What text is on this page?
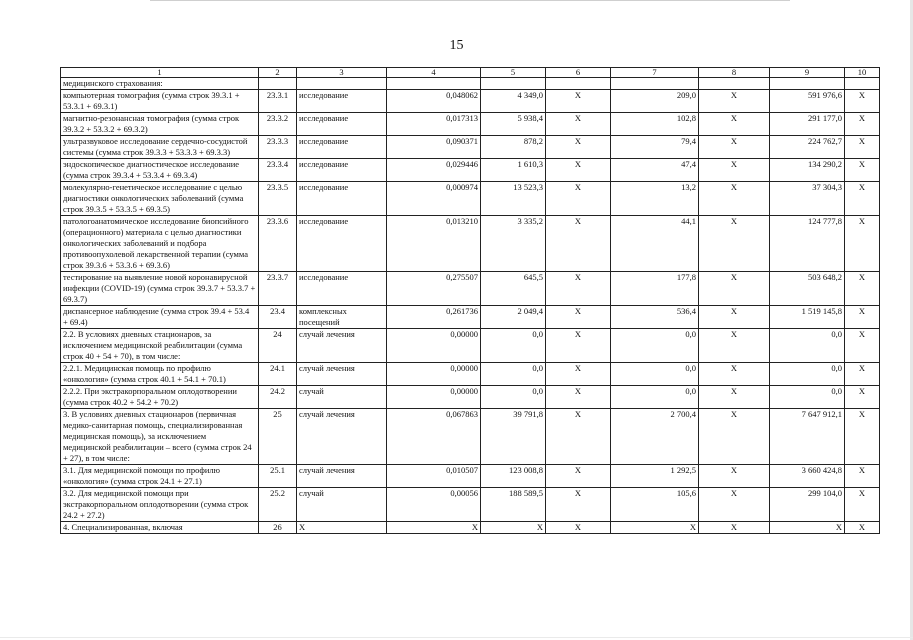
15
1	2	3	4	5	6	7	8	9	10
медицинского страхования:									
компьютерная томография (сумма строк 39.3.1 + 53.3.1 + 69.3.1)	23.3.1	исследование	0,048062	4 349,0	X	209,0	X	591 976,6	X
магнитно-резонансная томография (сумма строк 39.3.2 + 53.3.2 + 69.3.2)	23.3.2	исследование	0,017313	5 938,4	X	102,8	X	291 177,0	X
ультразвуковое исследование сердечно-сосудистой системы (сумма строк 39.3.3 + 53.3.3 + 69.3.3)	23.3.3	исследование	0,090371	878,2	X	79,4	X	224 762,7	X
эндоскопическое диагностическое исследование (сумма строк 39.3.4 + 53.3.4 + 69.3.4)	23.3.4	исследование	0,029446	1 610,3	X	47,4	X	134 290,2	X
молекулярно-генетическое исследование с целью диагностики онкологических заболеваний (сумма строк 39.3.5 + 53.3.5 + 69.3.5)	23.3.5	исследование	0,000974	13 523,3	X	13,2	X	37 304,3	X
патологоанатомическое исследование биопсийного (операционного) материала с целью диагностики онкологических заболеваний и подбора противоопухолевой лекарственной терапии (сумма строк 39.3.6 + 53.3.6 + 69.3.6)	23.3.6	исследование	0,013210	3 335,2	X	44,1	X	124 777,8	X
тестирование на выявление новой коронавирусной инфекции (COVID-19) (сумма строк 39.3.7 + 53.3.7 + 69.3.7)	23.3.7	исследование	0,275507	645,5	X	177,8	X	503 648,2	X
диспансерное наблюдение (сумма строк 39.4 + 53.4 + 69.4)	23.4	комплексных посещений	0,261736	2 049,4	X	536,4	X	1 519 145,8	X
2.2. В условиях дневных стационаров, за исключением медицинской реабилитации (сумма строк 40 + 54 + 70), в том числе:	24	случай лечения	0,00000	0,0	X	0,0	X	0,0	X
2.2.1. Медицинская помощь по профилю «онкология» (сумма строк 40.1 + 54.1 + 70.1)	24.1	случай лечения	0,00000	0,0	X	0,0	X	0,0	X
2.2.2. При экстракорпоральном оплодотворении (сумма строк 40.2 + 54.2 + 70.2)	24.2	случай	0,00000	0,0	X	0,0	X	0,0	X
3. В условиях дневных стационаров (первичная медико-санитарная помощь, специализированная медицинская помощь), за исключением медицинской реабилитации – всего (сумма строк 24 + 27), в том числе:	25	случай лечения	0,067863	39 791,8	X	2 700,4	X	7 647 912,1	X
3.1. Для медицинской помощи по профилю «онкология» (сумма строк 24.1 + 27.1)	25.1	случай лечения	0,010507	123 008,8	X	1 292,5	X	3 660 424,8	X
3.2. Для медицинской помощи при экстракорпоральном оплодотворении (сумма строк 24.2 + 27.2)	25.2	случай	0,00056	188 589,5	X	105,6	X	299 104,0	X
4. Специализированная, включая	26	X	X	X	X	X	X	X	X
